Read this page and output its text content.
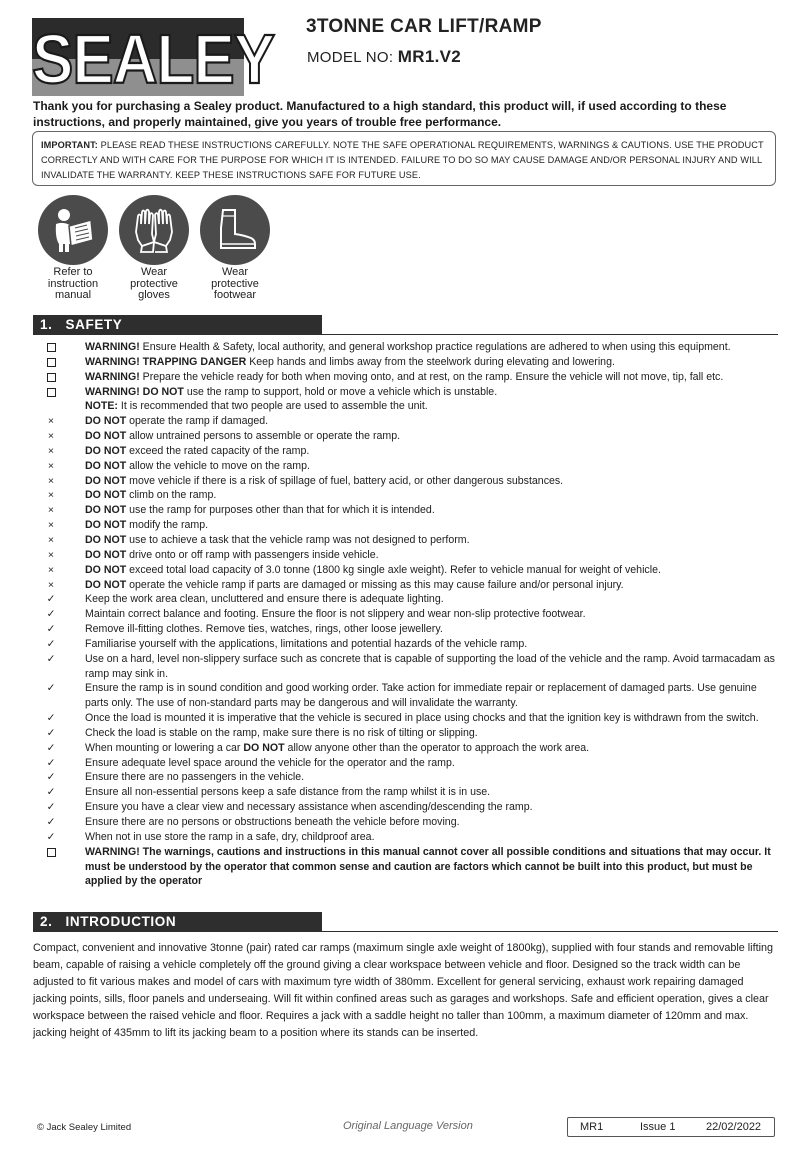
SEALEY 3TONNE CAR LIFT/RAMP
MODEL NO: MR1.V2
Thank you for purchasing a Sealey product. Manufactured to a high standard, this product will, if used according to these instructions, and properly maintained, give you years of trouble free performance.
IMPORTANT: PLEASE READ THESE INSTRUCTIONS CAREFULLY. NOTE THE SAFE OPERATIONAL REQUIREMENTS, WARNINGS & CAUTIONS. USE THE PRODUCT CORRECTLY AND WITH CARE FOR THE PURPOSE FOR WHICH IT IS INTENDED. FAILURE TO DO SO MAY CAUSE DAMAGE AND/OR PERSONAL INJURY AND WILL INVALIDATE THE WARRANTY. KEEP THESE INSTRUCTIONS SAFE FOR FUTURE USE.
Refer to
instruction
manual
Wear
protective
gloves
Wear
protective
footwear
1. SAFETY
WARNING! Ensure Health & Safety, local authority, and general workshop practice regulations are adhered to when using this equipment.
WARNING! TRAPPING DANGER Keep hands and limbs away from the steelwork during elevating and lowering.
WARNING! Prepare the vehicle ready for both when moving onto, and at rest, on the ramp. Ensure the vehicle will not move, tip, fall etc.
WARNING! DO NOT use the ramp to support, hold or move a vehicle which is unstable.
NOTE: It is recommended that two people are used to assemble the unit.
×	DO NOT operate the ramp if damaged.
×	DO NOT allow untrained persons to assemble or operate the ramp.
×	DO NOT exceed the rated capacity of the ramp.
×	DO NOT allow the vehicle to move on the ramp.
×	DO NOT move vehicle if there is a risk of spillage of fuel, battery acid, or other dangerous substances.
×	DO NOT climb on the ramp.
×	DO NOT use the ramp for purposes other than that for which it is intended.
×	DO NOT modify the ramp.
×	DO NOT use to achieve a task that the vehicle ramp was not designed to perform.
×	DO NOT drive onto or off ramp with passengers inside vehicle.
×	DO NOT exceed total load capacity of 3.0 tonne (1800 kg single axle weight). Refer to vehicle manual for weight of vehicle.
×	DO NOT operate the vehicle ramp if parts are damaged or missing as this may cause failure and/or personal injury.
✓	Keep the work area clean, uncluttered and ensure there is adequate lighting.
✓	Maintain correct balance and footing. Ensure the floor is not slippery and wear non-slip protective footwear.
✓	Remove ill-fitting clothes. Remove ties, watches, rings, other loose jewellery.
✓	Familiarise yourself with the applications, limitations and potential hazards of the vehicle ramp.
✓	Use on a hard, level non-slippery surface such as concrete that is capable of supporting the load of the vehicle and the ramp. Avoid tarmacadam as ramp may sink in.
✓	Ensure the ramp is in sound condition and good working order. Take action for immediate repair or replacement of damaged parts. Use genuine parts only. The use of non-standard parts may be dangerous and will invalidate the warranty.
✓	Once the load is mounted it is imperative that the vehicle is secured in place using chocks and that the ignition key is withdrawn from the switch.
✓	Check the load is stable on the ramp, make sure there is no risk of tilting or slipping.
✓	When mounting or lowering a car DO NOT allow anyone other than the operator to approach the work area.
✓	Ensure adequate level space around the vehicle for the operator and the ramp.
✓	Ensure there are no passengers in the vehicle.
✓	Ensure all non-essential persons keep a safe distance from the ramp whilst it is in use.
✓	Ensure you have a clear view and necessary assistance when ascending/descending the ramp.
✓	Ensure there are no persons or obstructions beneath the vehicle before moving.
✓	When not in use store the ramp in a safe, dry, childproof area.
WARNING! The warnings, cautions and instructions in this manual cannot cover all possible conditions and situations that may occur. It must be understood by the operator that common sense and caution are factors which cannot be built into this product, but must be applied by the operator
2. INTRODUCTION
Compact, convenient and innovative 3tonne (pair) rated car ramps (maximum single axle weight of 1800kg), supplied with four stands and removable lifting beam, capable of raising a vehicle completely off the ground giving a clear workspace between vehicle and floor. Designed so the track width can be adjusted to fit various makes and model of cars with maximum tyre width of 380mm. Excellent for general servicing, exhaust work repairing damaged jacking points, sills, floor panels and underseaing. Will fit within confined areas such as garages and workshops. Safe and efficient operation, gives a clear workspace between the raised vehicle and floor. Requires a jack with a saddle height no taller than 100mm, a maximum diameter of 120mm and max. jacking height of 435mm to lift its jacking beam to a position where its stands can be inserted.
© Jack Sealey Limited	Original Language Version	MR1	Issue 1	22/02/2022
